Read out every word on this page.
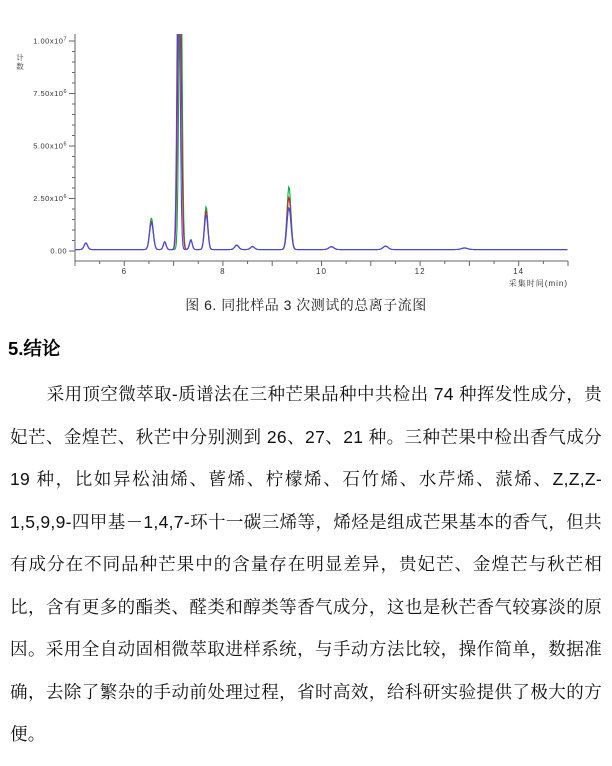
$1.00x10^7$
$7.50x10^6$
$5.00x10^6$
$2.50x10^6$
0.00
6	8	10	12	14
采集时间(min)
计数
图 6. 同批样品 3 次测试的总离子流图
5.结论

采用顶空微萃取-质谱法在三种芒果品种中共检出 74 种挥发性成分，贵妃芒、金煌芒、秋芒中分别测到 26、27、21 种。三种芒果中检出香气成分 19 种，比如异松油烯、蒈烯、柠檬烯、石竹烯、水芹烯、蒎烯、Z,Z,Z-1,5,9,9-四甲基－1,4,7-环十一碳三烯等，烯烃是组成芒果基本的香气，但共有成分在不同品种芒果中的含量存在明显差异，贵妃芒、金煌芒与秋芒相比，含有更多的酯类、醛类和醇类等香气成分，这也是秋芒香气较寡淡的原因。采用全自动固相微萃取进样系统，与手动方法比较，操作简单，数据准确，去除了繁杂的手动前处理过程，省时高效，给科研实验提供了极大的方便。
